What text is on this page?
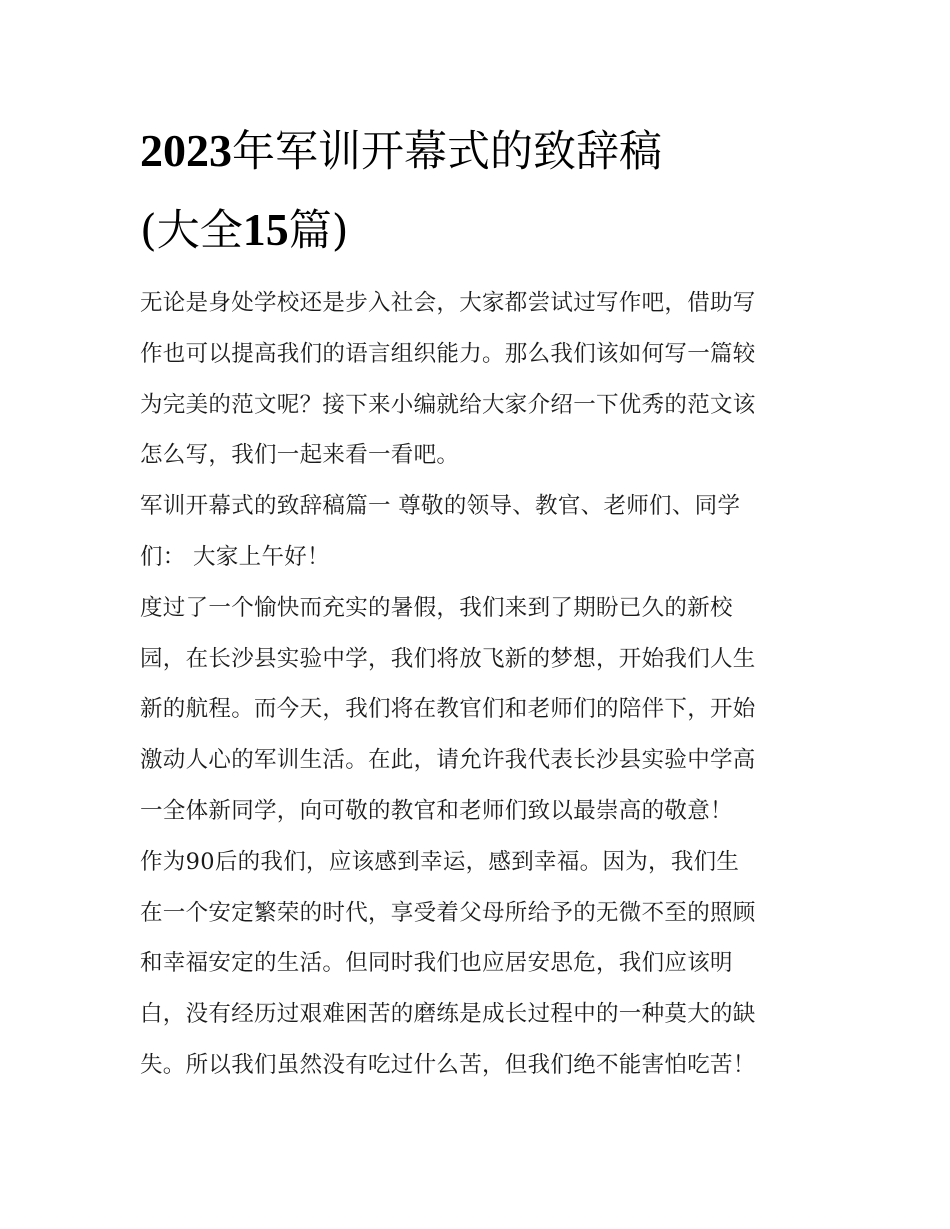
2023年军训开幕式的致辞稿
(大全15篇)
无论是身处学校还是步入社会，大家都尝试过写作吧，借助写
作也可以提高我们的语言组织能力。那么我们该如何写一篇较
为完美的范文呢？接下来小编就给大家介绍一下优秀的范文该
怎么写，我们一起来看一看吧。
军训开幕式的致辞稿篇一 尊敬的领导、教官、老师们、同学
们： 大家上午好！
度过了一个愉快而充实的暑假，我们来到了期盼已久的新校
园，在长沙县实验中学，我们将放飞新的梦想，开始我们人生
新的航程。而今天，我们将在教官们和老师们的陪伴下，开始
激动人心的军训生活。在此，请允许我代表长沙县实验中学高
一全体新同学，向可敬的教官和老师们致以最崇高的敬意！
作为90后的我们，应该感到幸运，感到幸福。因为，我们生
在一个安定繁荣的时代，享受着父母所给予的无微不至的照顾
和幸福安定的生活。但同时我们也应居安思危，我们应该明
白，没有经历过艰难困苦的磨练是成长过程中的一种莫大的缺
失。所以我们虽然没有吃过什么苦，但我们绝不能害怕吃苦！
